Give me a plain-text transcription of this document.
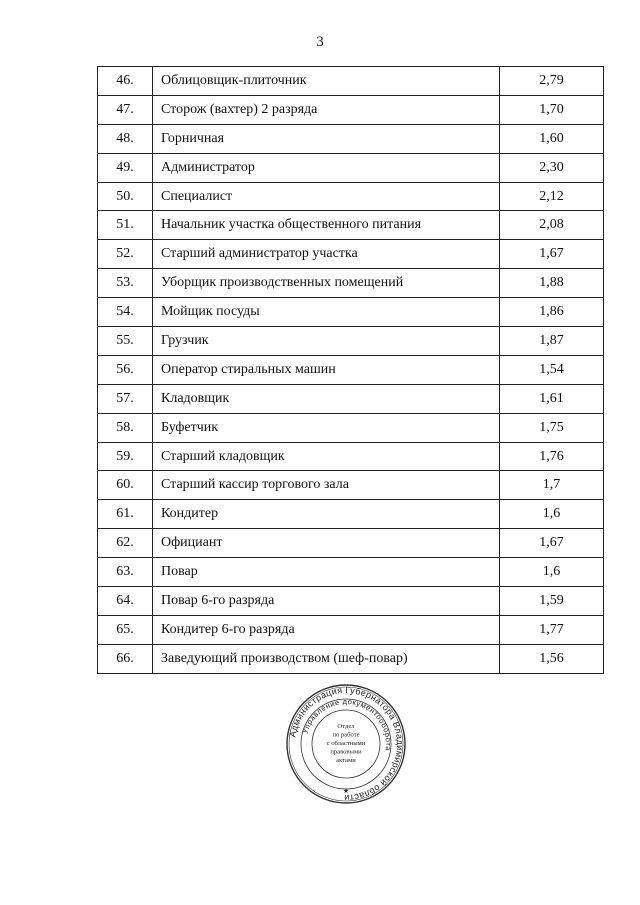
3
46.	Облицовщик-плиточник	2,79
47.	Сторож (вахтер) 2 разряда	1,70
48.	Горничная	1,60
49.	Администратор	2,30
50.	Специалист	2,12
51.	Начальник участка общественного питания	2,08
52.	Старший администратор участка	1,67
53.	Уборщик производственных помещений	1,88
54.	Мойщик посуды	1,86
55.	Грузчик	1,87
56.	Оператор стиральных машин	1,54
57.	Кладовщик	1,61
58.	Буфетчик	1,75
59.	Старший кладовщик	1,76
60.	Старший кассир торгового зала	1,7
61.	Кондитер	1,6
62.	Официант	1,67
63.	Повар	1,6
64.	Повар 6-го разряда	1,59
65.	Кондитер 6-го разряда	1,77
66.	Заведующий производством (шеф-повар)	1,56
Администрация Губернатора Владимирской области
Управление документооборота
Отдел
по работе
с областными
правовыми
актами
★
